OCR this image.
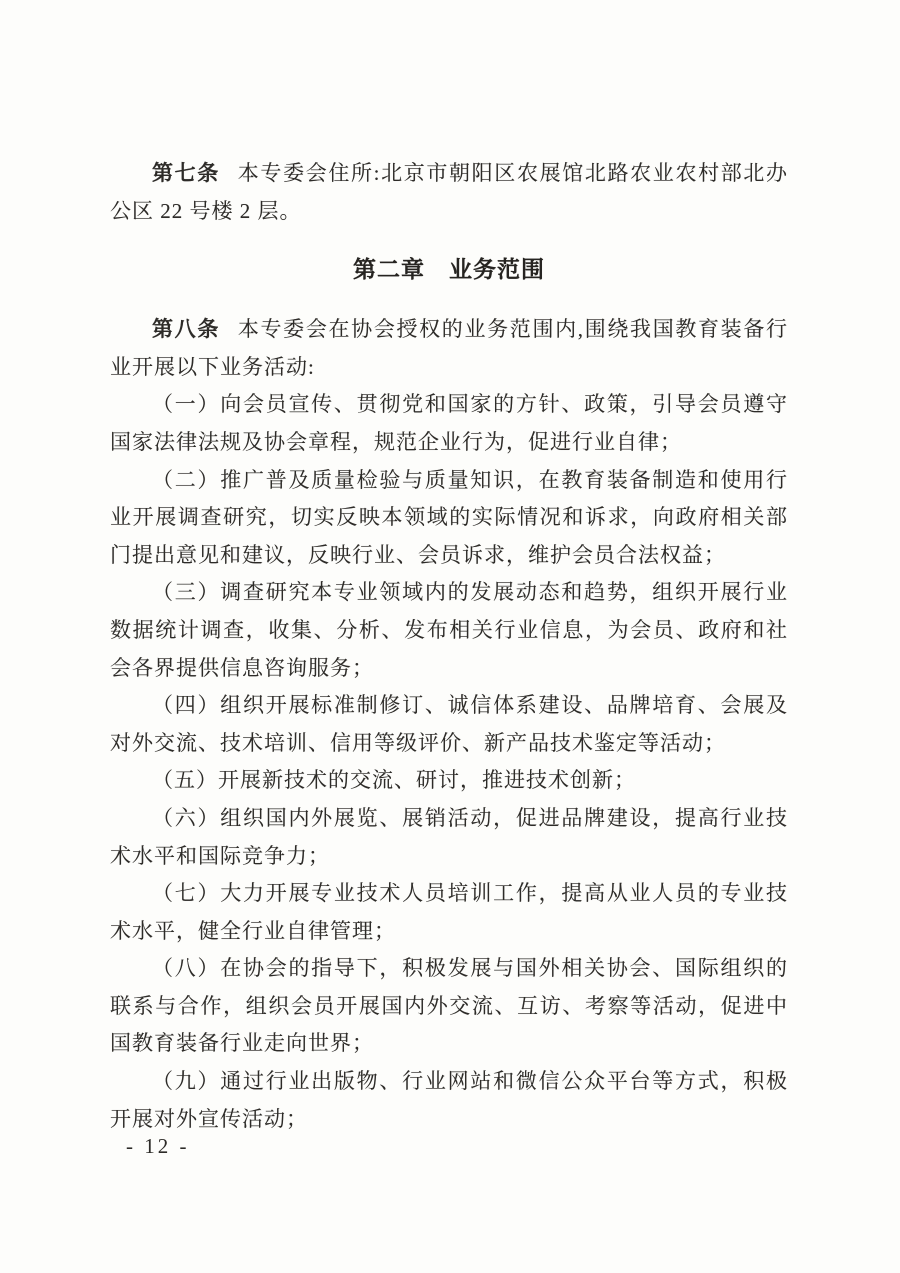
第七条 本专委会住所:北京市朝阳区农展馆北路农业农村部北办公区 22 号楼 2 层。

第二章　业务范围

第八条 本专委会在协会授权的业务范围内,围绕我国教育装备行业开展以下业务活动:

（一）向会员宣传、贯彻党和国家的方针、政策，引导会员遵守国家法律法规及协会章程，规范企业行为，促进行业自律；

（二）推广普及质量检验与质量知识，在教育装备制造和使用行业开展调查研究，切实反映本领域的实际情况和诉求，向政府相关部门提出意见和建议，反映行业、会员诉求，维护会员合法权益；

（三）调查研究本专业领域内的发展动态和趋势，组织开展行业数据统计调查，收集、分析、发布相关行业信息，为会员、政府和社会各界提供信息咨询服务；

（四）组织开展标准制修订、诚信体系建设、品牌培育、会展及对外交流、技术培训、信用等级评价、新产品技术鉴定等活动；

（五）开展新技术的交流、研讨，推进技术创新；

（六）组织国内外展览、展销活动，促进品牌建设，提高行业技术水平和国际竞争力；

（七）大力开展专业技术人员培训工作，提高从业人员的专业技术水平，健全行业自律管理；

（八）在协会的指导下，积极发展与国外相关协会、国际组织的联系与合作，组织会员开展国内外交流、互访、考察等活动，促进中国教育装备行业走向世界；

（九）通过行业出版物、行业网站和微信公众平台等方式，积极开展对外宣传活动；

- 12 -
